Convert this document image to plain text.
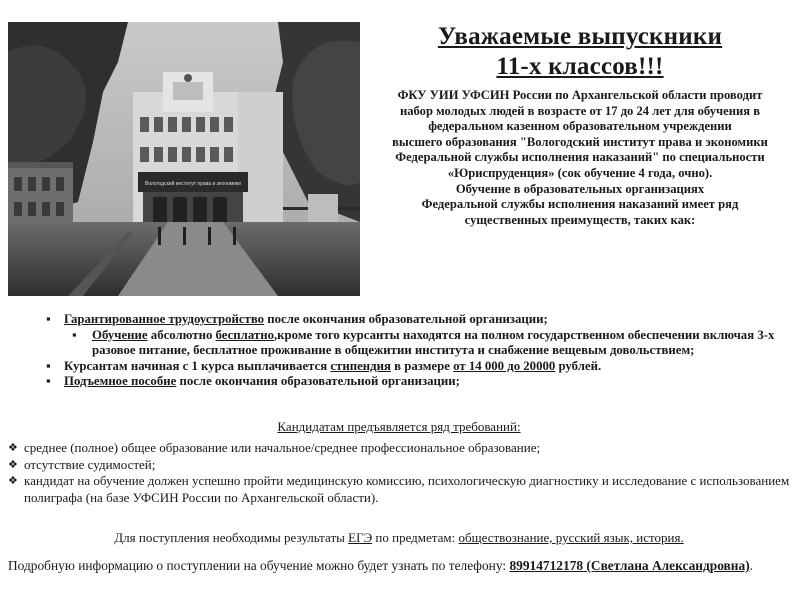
Вологодский институт права и экономики
Уважаемые выпускники
11-х классов!!!
ФКУ УИИ УФСИН России по Архангельской области проводит
набор молодых людей в возрасте от 17 до 24 лет для обучения в
федеральном казенном образовательном учреждении
высшего образования "Вологодский институт права и экономики
Федеральной службы исполнения наказаний" по специальности
«Юриспруденция» (сок обучение 4 года, очно).
Обучение в образовательных организациях
Федеральной службы исполнения наказаний имеет ряд
существенных преимуществ, таких как:
▪ Гарантированное трудоустройство после окончания образовательной организации;
▪ Обучение абсолютно бесплатно,кроме того курсанты находятся на полном государственном обеспечении включая 3-х разовое питание, бесплатное проживание в общежитии института и снабжение вещевым довольствием;
▪ Курсантам начиная с 1 курса выплачивается стипендия в размере от 14 000 до 20000 рублей.
▪ Подъемное пособие после окончания образовательной организации;
Кандидатам предъявляется ряд требований:
❖ среднее (полное) общее образование или начальное/среднее профессиональное образование;
❖ отсутствие судимостей;
❖ кандидат на обучение должен успешно пройти медицинскую комиссию, психологическую диагностику и исследование с использованием полиграфа (на базе УФСИН России по Архангельской области).
Для поступления необходимы результаты ЕГЭ по предметам: обществознание, русский язык, история.
Подробную информацию о поступлении на обучение можно будет узнать по телефону: 89914712178 (Светлана Александровна).
